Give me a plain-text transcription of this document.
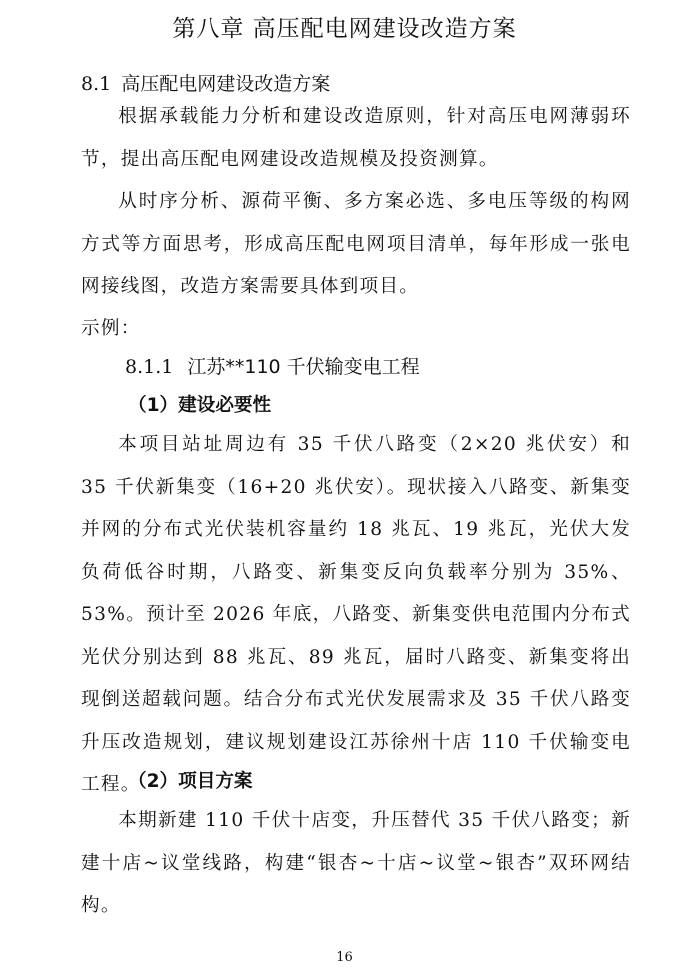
第八章 高压配电网建设改造方案
8.1 高压配电网建设改造方案

根据承载能力分析和建设改造原则，针对高压电网薄弱环节，提出高压配电网建设改造规模及投资测算。

从时序分析、源荷平衡、多方案必选、多电压等级的构网方式等方面思考，形成高压配电网项目清单，每年形成一张电网接线图，改造方案需要具体到项目。

示例：

8.1.1 江苏**110 千伏输变电工程
（1）建设必要性

本项目站址周边有 35 千伏八路变（2×20 兆伏安）和 35 千伏新集变（16+20 兆伏安）。现状接入八路变、新集变并网的分布式光伏装机容量约 18 兆瓦、19 兆瓦，光伏大发负荷低谷时期，八路变、新集变反向负载率分别为 35%、53%。预计至 2026 年底，八路变、新集变供电范围内分布式光伏分别达到 88 兆瓦、89 兆瓦，届时八路变、新集变将出现倒送超载问题。结合分布式光伏发展需求及 35 千伏八路变升压改造规划，建议规划建设江苏徐州十店 110 千伏输变电工程。

（2）项目方案

本期新建 110 千伏十店变，升压替代 35 千伏八路变；新建十店~议堂线路，构建“银杏~十店~议堂~银杏”双环网结构。

16
